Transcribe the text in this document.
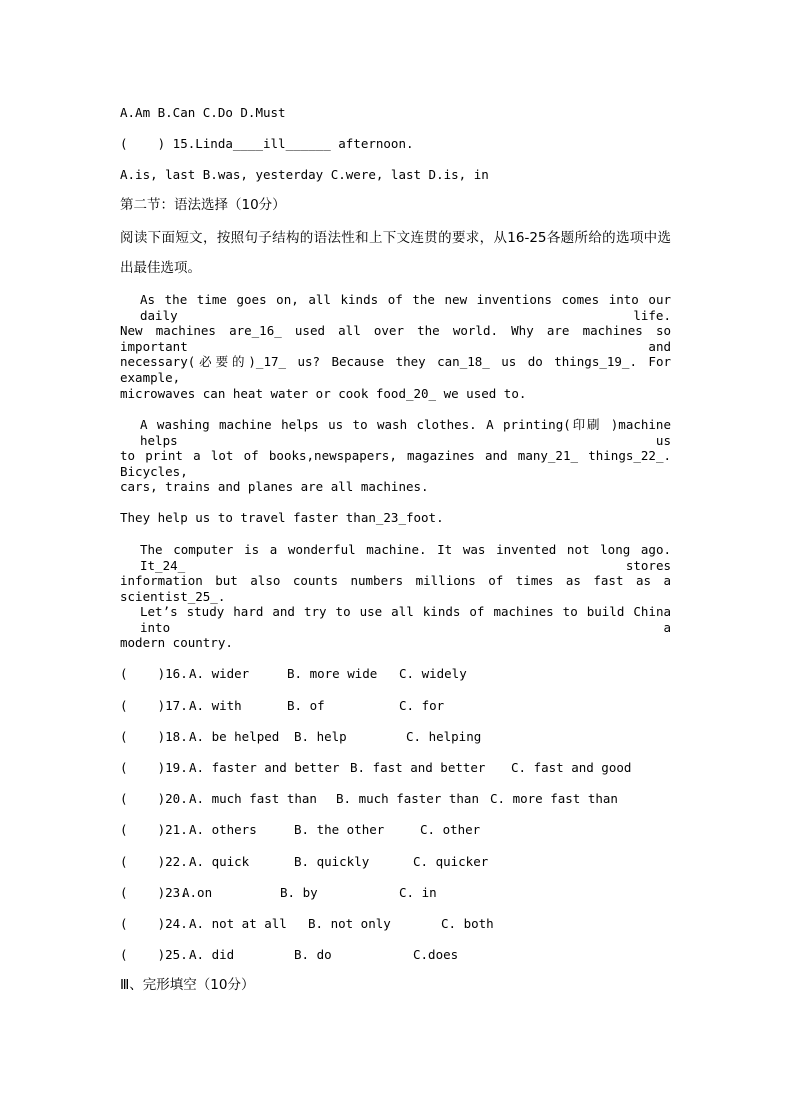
A.Am B.Can C.Do D.Must

(    ) 15.Linda____ill______ afternoon.

A.is, last B.was, yesterday C.were, last D.is, in

第二节：语法选择（10分）

阅读下面短文，按照句子结构的语法性和上下文连贯的要求，从16-25各题所给的选项中选

出最佳选项。

As the time goes on, all kinds of the new inventions comes into our daily life.

New machines are_16_ used all over the world. Why are machines so important and

necessary(必要的)_17_ us? Because they can_18_ us do things_19_. For example,

microwaves can heat water or cook food_20_ we used to.

A washing machine helps us to wash clothes. A printing(印刷 )machine helps us

to print a lot of books,newspapers, magazines and many_21_ things_22_. Bicycles,

cars, trains and planes are all machines.

They help us to travel faster than_23_foot.

The computer is a wonderful machine. It was invented not long ago. It_24_ stores

information but also counts numbers millions of times as fast as a scientist_25_.

Let’s study hard and try to use all kinds of machines to build China into a

modern country.

(    )16. A. wider	B. more wide C. widely
(    )17. A. with	B. of	C. for
(    )18. A. be helped B. help	C. helping
(    )19. A. faster and better B. fast and better C. fast and good
(    )20. A. much fast than B. much faster than C. more fast than
(    )21. A. others	B. the other	C. other
(    )22. A. quick	B. quickly	C. quicker
(    )23.
A.on	B. by	C. in
(    )24. A. not at all B. not only	C. both
(    )25. A. did	B. do	C.does

Ⅲ、完形填空（10分）
